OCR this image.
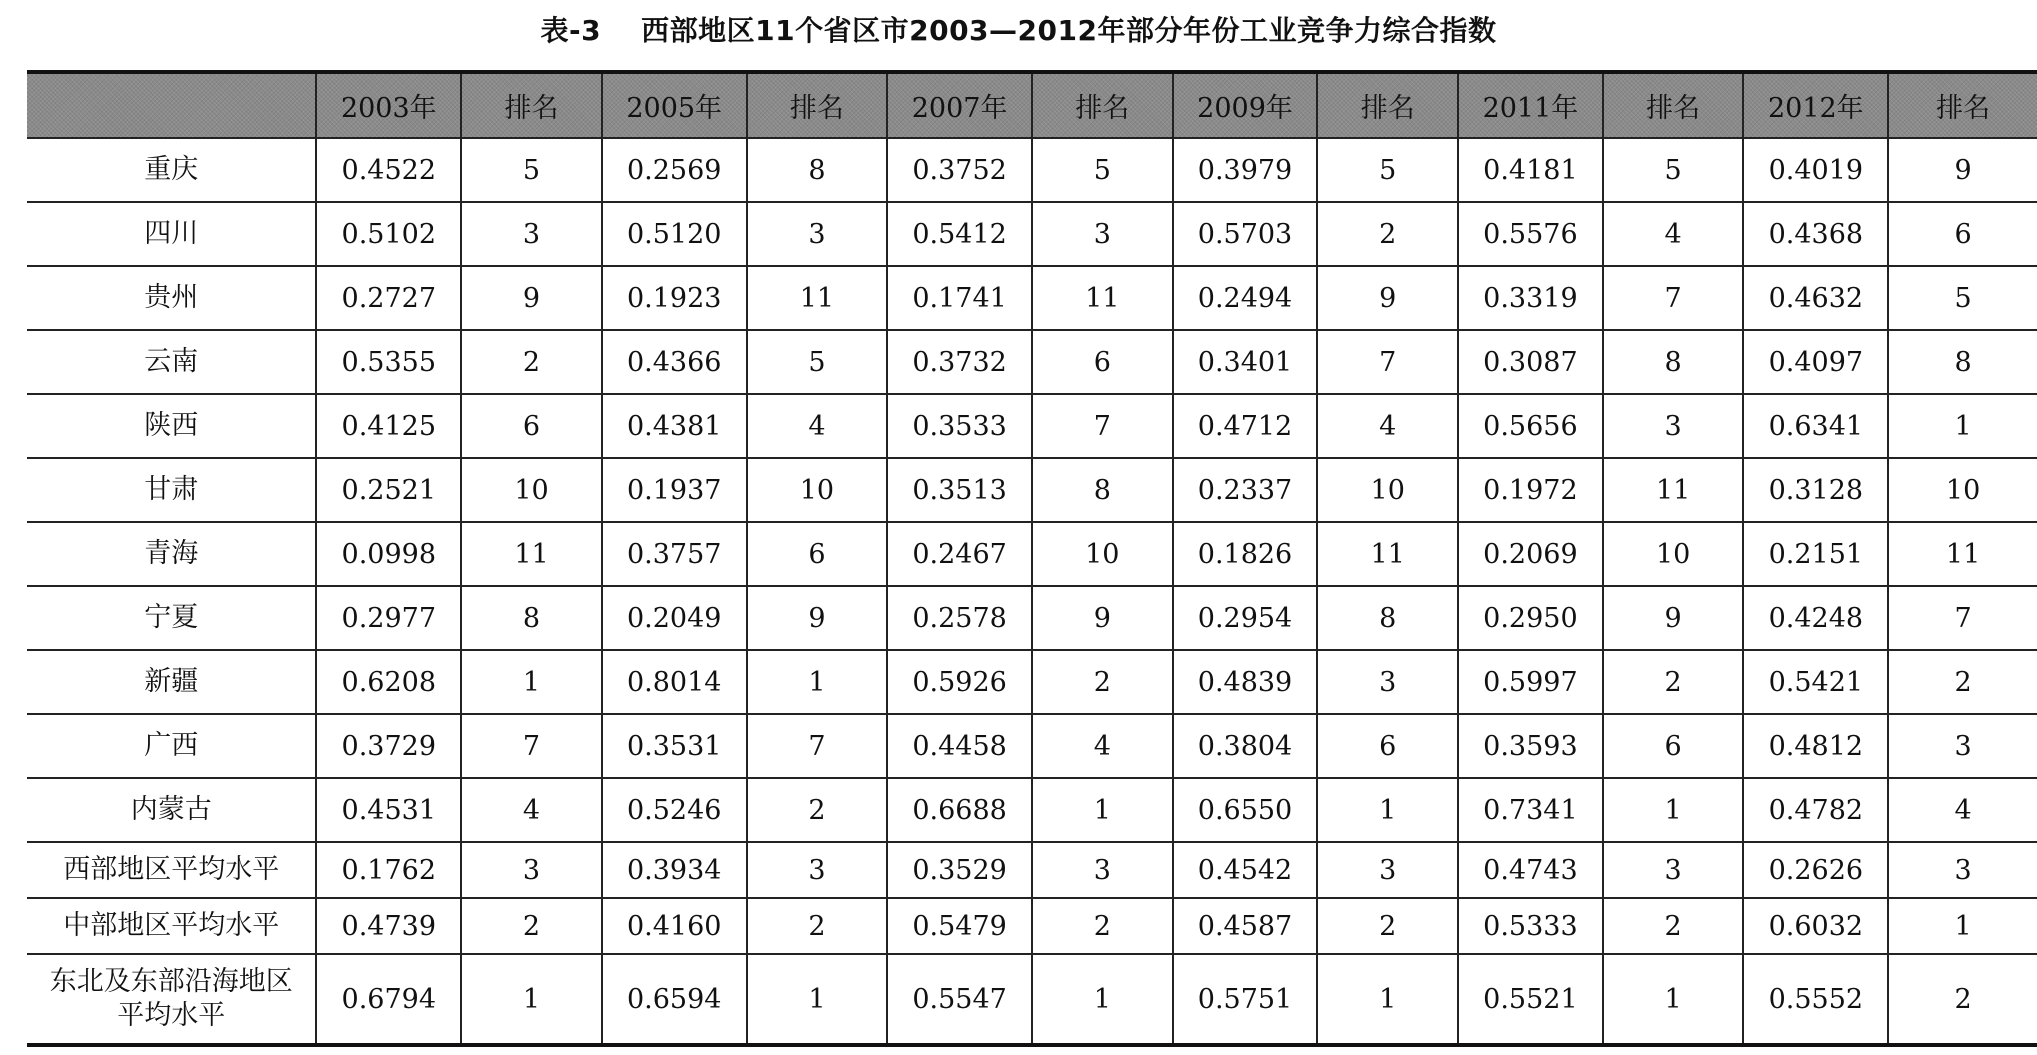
表-3 西部地区11个省区市2003—2012年部分年份工业竞争力综合指数
	2003年	排名	2005年	排名	2007年	排名	2009年	排名	2011年	排名	2012年	排名
重庆	0.4522	5	0.2569	8	0.3752	5	0.3979	5	0.4181	5	0.4019	9
四川	0.5102	3	0.5120	3	0.5412	3	0.5703	2	0.5576	4	0.4368	6
贵州	0.2727	9	0.1923	11	0.1741	11	0.2494	9	0.3319	7	0.4632	5
云南	0.5355	2	0.4366	5	0.3732	6	0.3401	7	0.3087	8	0.4097	8
陕西	0.4125	6	0.4381	4	0.3533	7	0.4712	4	0.5656	3	0.6341	1
甘肃	0.2521	10	0.1937	10	0.3513	8	0.2337	10	0.1972	11	0.3128	10
青海	0.0998	11	0.3757	6	0.2467	10	0.1826	11	0.2069	10	0.2151	11
宁夏	0.2977	8	0.2049	9	0.2578	9	0.2954	8	0.2950	9	0.4248	7
新疆	0.6208	1	0.8014	1	0.5926	2	0.4839	3	0.5997	2	0.5421	2
广西	0.3729	7	0.3531	7	0.4458	4	0.3804	6	0.3593	6	0.4812	3
内蒙古	0.4531	4	0.5246	2	0.6688	1	0.6550	1	0.7341	1	0.4782	4
西部地区平均水平	0.1762	3	0.3934	3	0.3529	3	0.4542	3	0.4743	3	0.2626	3
中部地区平均水平	0.4739	2	0.4160	2	0.5479	2	0.4587	2	0.5333	2	0.6032	1
东北及东部沿海地区
平均水平	0.6794	1	0.6594	1	0.5547	1	0.5751	1	0.5521	1	0.5552	2
